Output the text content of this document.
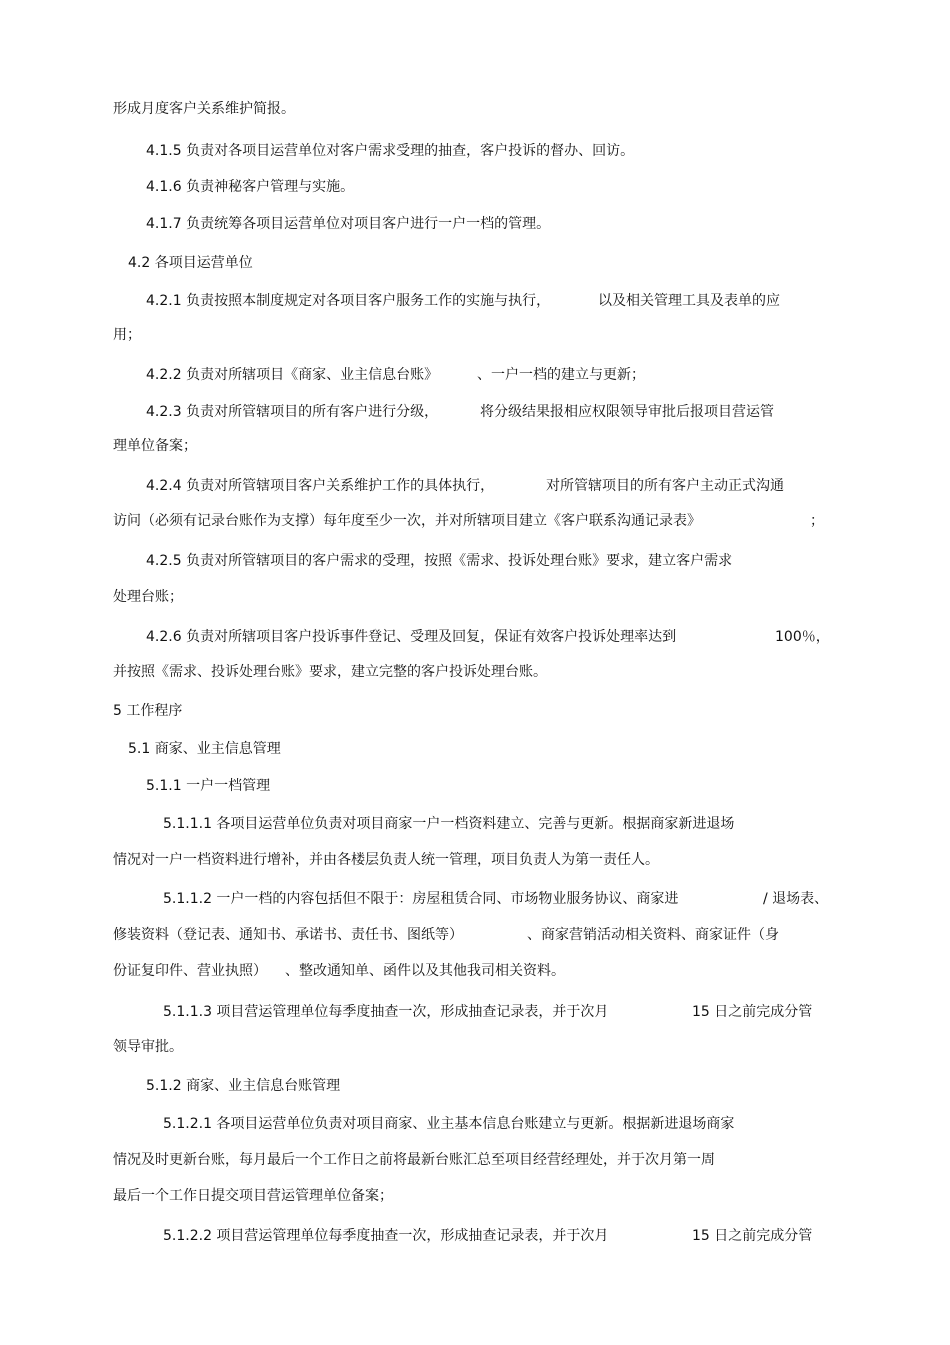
形成月度客户关系维护简报。
4.1.5 负责对各项目运营单位对客户需求受理的抽查，客户投诉的督办、回访。
4.1.6 负责神秘客户管理与实施。
4.1.7 负责统筹各项目运营单位对项目客户进行一户一档的管理。
4.2 各项目运营单位
4.2.1 负责按照本制度规定对各项目客户服务工作的实施与执行，	以及相关管理工具及表单的应
用；
4.2.2 负责对所辖项目《商家、业主信息台账》	、一户一档的建立与更新；
4.2.3 负责对所管辖项目的所有客户进行分级，	将分级结果报相应权限领导审批后报项目营运管
理单位备案；
4.2.4 负责对所管辖项目客户关系维护工作的具体执行，	对所管辖项目的所有客户主动正式沟通
访问（必须有记录台账作为支撑）每年度至少一次，并对所辖项目建立《客户联系沟通记录表》	；
4.2.5 负责对所管辖项目的客户需求的受理，按照《需求、投诉处理台账》要求，建立客户需求
处理台账；
4.2.6 负责对所辖项目客户投诉事件登记、受理及回复，保证有效客户投诉处理率达到	100％，
并按照《需求、投诉处理台账》要求，建立完整的客户投诉处理台账。
5 工作程序
5.1 商家、业主信息管理
5.1.1 一户一档管理
5.1.1.1 各项目运营单位负责对项目商家一户一档资料建立、完善与更新。根据商家新进退场
情况对一户一档资料进行增补，并由各楼层负责人统一管理，项目负责人为第一责任人。
5.1.1.2 一户一档的内容包括但不限于：房屋租赁合同、市场物业服务协议、商家进	/ 退场表、
修装资料（登记表、通知书、承诺书、责任书、图纸等）	、商家营销活动相关资料、商家证件（身
份证复印件、营业执照） 、整改通知单、函件以及其他我司相关资料。
5.1.1.3 项目营运管理单位每季度抽查一次，形成抽查记录表，并于次月	15 日之前完成分管
领导审批。
5.1.2 商家、业主信息台账管理
5.1.2.1 各项目运营单位负责对项目商家、业主基本信息台账建立与更新。根据新进退场商家
情况及时更新台账，每月最后一个工作日之前将最新台账汇总至项目经营经理处，并于次月第一周
最后一个工作日提交项目营运管理单位备案；
5.1.2.2 项目营运管理单位每季度抽查一次，形成抽查记录表，并于次月	15 日之前完成分管
